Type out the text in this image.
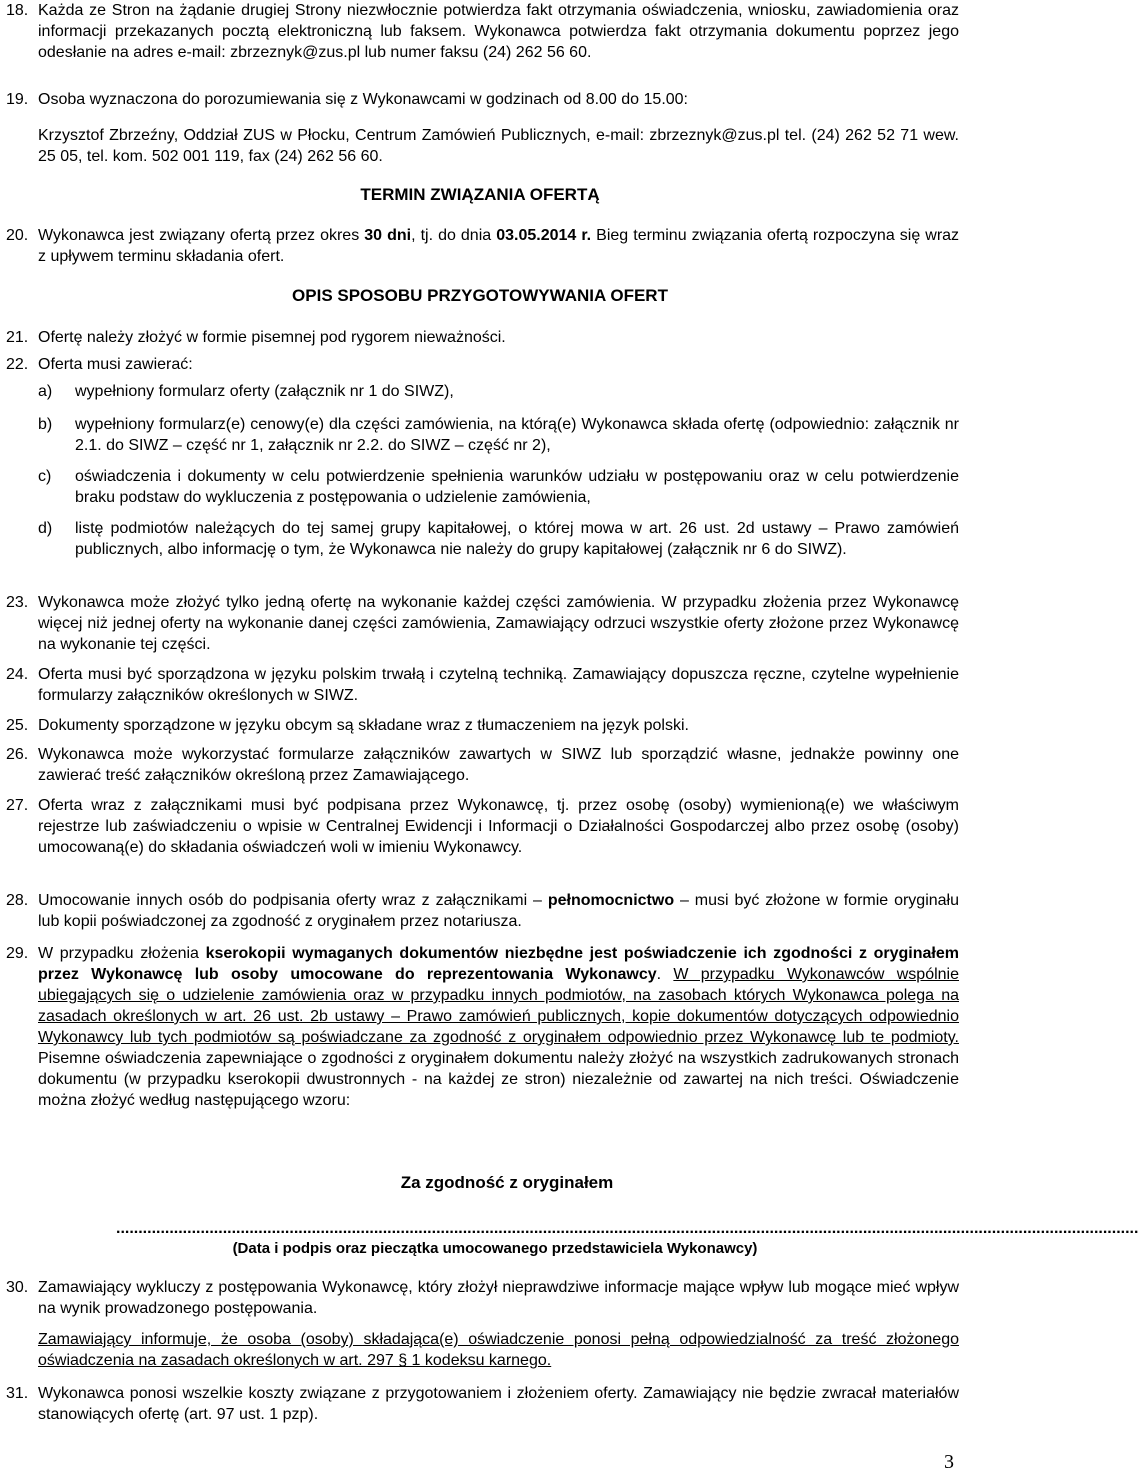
18. Każda ze Stron na żądanie drugiej Strony niezwłocznie potwierdza fakt otrzymania oświadczenia, wniosku, zawiadomienia oraz informacji przekazanych pocztą elektroniczną lub faksem. Wykonawca potwierdza fakt otrzymania dokumentu poprzez jego odesłanie na adres e-mail: zbrzeznyk@zus.pl lub numer faksu (24) 262 56 60.
19. Osoba wyznaczona do porozumiewania się z Wykonawcami w godzinach od 8.00 do 15.00:
Krzysztof Zbrzeźny, Oddział ZUS w Płocku, Centrum Zamówień Publicznych, e-mail: zbrzeznyk@zus.pl tel. (24) 262 52 71 wew. 25 05, tel. kom. 502 001 119, fax (24) 262 56 60.
TERMIN ZWIĄZANIA OFERTĄ
20. Wykonawca jest związany ofertą przez okres 30 dni, tj. do dnia 03.05.2014 r. Bieg terminu związania ofertą rozpoczyna się wraz z upływem terminu składania ofert.
OPIS SPOSOBU PRZYGOTOWYWANIA OFERT
21. Ofertę należy złożyć w formie pisemnej pod rygorem nieważności.
22. Oferta musi zawierać:
a)	wypełniony formularz oferty (załącznik nr 1 do SIWZ),
b)	wypełniony formularz(e) cenowy(e) dla części zamówienia, na którą(e) Wykonawca składa ofertę (odpowiednio: załącznik nr 2.1. do SIWZ – część nr 1, załącznik nr 2.2. do SIWZ – część nr 2),
c)	oświadczenia i dokumenty w celu potwierdzenie spełnienia warunków udziału w postępowaniu oraz w celu potwierdzenie braku podstaw do wykluczenia z postępowania o udzielenie zamówienia,
d)	listę podmiotów należących do tej samej grupy kapitałowej, o której mowa w art. 26 ust. 2d ustawy – Prawo zamówień publicznych, albo informację o tym, że Wykonawca nie należy do grupy kapitałowej (załącznik nr 6 do SIWZ).
23. Wykonawca może złożyć tylko jedną ofertę na wykonanie każdej części zamówienia. W przypadku złożenia przez Wykonawcę więcej niż jednej oferty na wykonanie danej części zamówienia, Zamawiający odrzuci wszystkie oferty złożone przez Wykonawcę na wykonanie tej części.
24. Oferta musi być sporządzona w języku polskim trwałą i czytelną techniką. Zamawiający dopuszcza ręczne, czytelne wypełnienie formularzy załączników określonych w SIWZ.
25. Dokumenty sporządzone w języku obcym są składane wraz z tłumaczeniem na język polski.
26. Wykonawca może wykorzystać formularze załączników zawartych w SIWZ lub sporządzić własne, jednakże powinny one zawierać treść załączników określoną przez Zamawiającego.
27. Oferta wraz z załącznikami musi być podpisana przez Wykonawcę, tj. przez osobę (osoby) wymienioną(e) we właściwym rejestrze lub zaświadczeniu o wpisie w Centralnej Ewidencji i Informacji o Działalności Gospodarczej albo przez osobę (osoby) umocowaną(e) do składania oświadczeń woli w imieniu Wykonawcy.
28. Umocowanie innych osób do podpisania oferty wraz z załącznikami – pełnomocnictwo – musi być złożone w formie oryginału lub kopii poświadczonej za zgodność z oryginałem przez notariusza.
29. W przypadku złożenia kserokopii wymaganych dokumentów niezbędne jest poświadczenie ich zgodności z oryginałem przez Wykonawcę lub osoby umocowane do reprezentowania Wykonawcy. W przypadku Wykonawców wspólnie ubiegających się o udzielenie zamówienia oraz w przypadku innych podmiotów, na zasobach których Wykonawca polega na zasadach określonych w art. 26 ust. 2b ustawy – Prawo zamówień publicznych, kopie dokumentów dotyczących odpowiednio Wykonawcy lub tych podmiotów są poświadczane za zgodność z oryginałem odpowiednio przez Wykonawcę lub te podmioty. Pisemne oświadczenia zapewniające o zgodności z oryginałem dokumentu należy złożyć na wszystkich zadrukowanych stronach dokumentu (w przypadku kserokopii dwustronnych - na każdej ze stron) niezależnie od zawartej na nich treści. Oświadczenie można złożyć według następującego wzoru:
Za zgodność z oryginałem
......................................................................................................................................................................................................................................
(Data i podpis oraz pieczątka umocowanego przedstawiciela Wykonawcy)
30. Zamawiający wykluczy z postępowania Wykonawcę, który złożył nieprawdziwe informacje mające wpływ lub mogące mieć wpływ na wynik prowadzonego postępowania.
Zamawiający informuje, że osoba (osoby) składająca(e) oświadczenie ponosi pełną odpowiedzialność za treść złożonego oświadczenia na zasadach określonych w art. 297 § 1 kodeksu karnego.
31. Wykonawca ponosi wszelkie koszty związane z przygotowaniem i złożeniem oferty. Zamawiający nie będzie zwracał materiałów stanowiących ofertę (art. 97 ust. 1 pzp).
3
